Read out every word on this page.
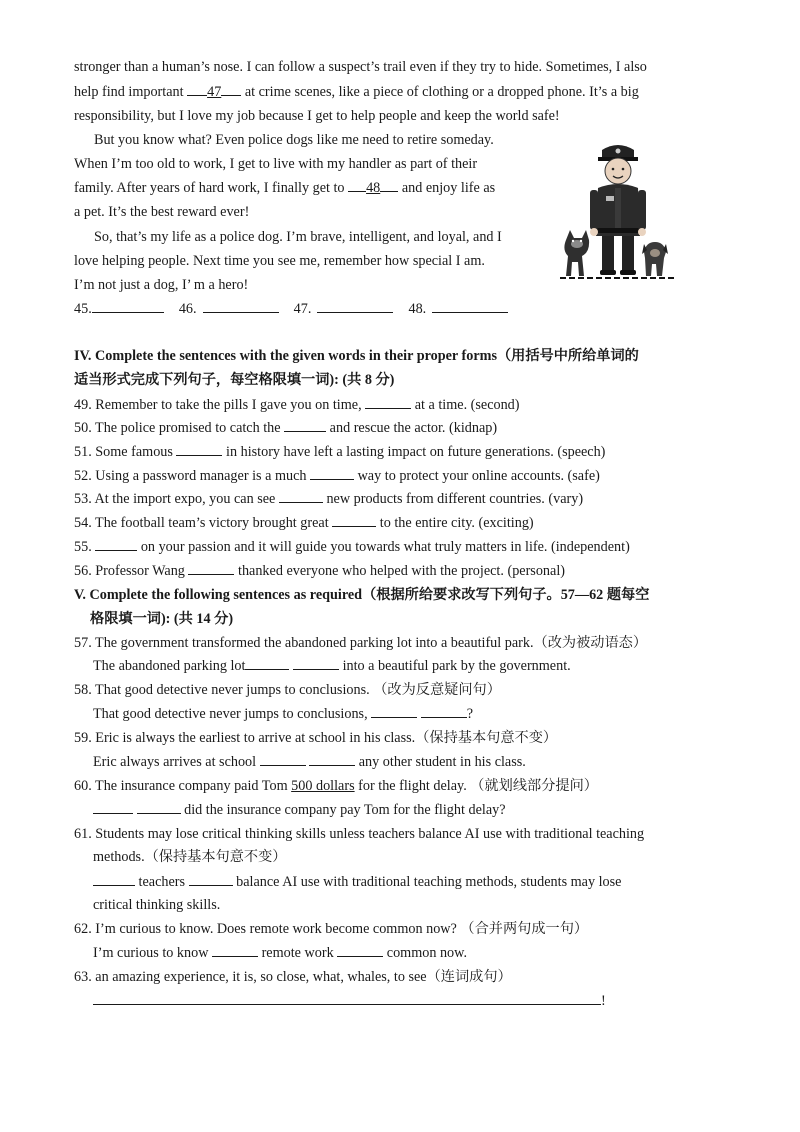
stronger than a human’s nose. I can follow a suspect’s trail even if they try to hide. Sometimes, I also
help find important 47 at crime scenes, like a piece of clothing or a dropped phone. It’s a big
responsibility, but I love my job because I get to help people and keep the world safe!
But you know what? Even police dogs like me need to retire someday.
When I’m too old to work, I get to live with my handler as part of their
family. After years of hard work, I finally get to 48 and enjoy life as
a pet. It’s the best reward ever!
So, that’s my life as a police dog. I’m brave, intelligent, and loyal, and I
love helping people. Next time you see me, remember how special I am.
I’m not just a dog, I’ m a hero!
45.	46.	47.	48.
IV. Complete the sentences with the given words in their proper forms（用括号中所给单词的
适当形式完成下列句子，每空格限填一词): (共 8 分)
49. Remember to take the pills I gave you on time,	at a time. (second)
50. The police promised to catch the	and rescue the actor. (kidnap)
51. Some famous	in history have left a lasting impact on future generations. (speech)
52. Using a password manager is a much	way to protect your online accounts. (safe)
53. At the import expo, you can see	new products from different countries. (vary)
54. The football team’s victory brought great	to the entire city. (exciting)
55.	on your passion and it will guide you towards what truly matters in life. (independent)
56. Professor Wang	thanked everyone who helped with the project. (personal)
V. Complete the following sentences as required（根据所给要求改写下列句子。57—62 题每空
格限填一词): (共 14 分)
57. The government transformed the abandoned parking lot into a beautiful park.（改为被动语态）
The abandoned parking lot	into a beautiful park by the government.
58. That good detective never jumps to conclusions. （改为反意疑问句）
That good detective never jumps to conclusions,	?
59. Eric is always the earliest to arrive at school in his class.（保持基本句意不变）
Eric always arrives at school	any other student in his class.
60. The insurance company paid Tom 500 dollars for the flight delay. （就划线部分提问）
did the insurance company pay Tom for the flight delay?
61. Students may lose critical thinking skills unless teachers balance AI use with traditional teaching
methods.（保持基本句意不变）
teachers	balance AI use with traditional teaching methods, students may lose
critical thinking skills.
62. I’m curious to know. Does remote work become common now? （合并两句成一句）
I’m curious to know	remote work	common now.
63. an amazing experience, it is, so close, what, whales, to see（连词成句）
!
